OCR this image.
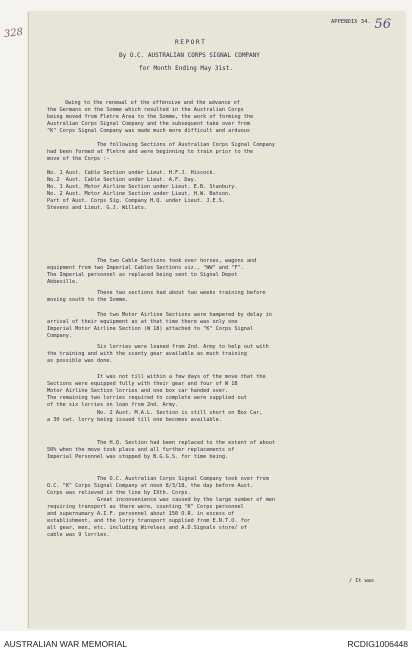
56
APPENDIX 34.
REPORT
By O.C. AUSTRALIAN CORPS SIGNAL COMPANY
for Month Ending May 31st.
Owing to the renewal of the offensive and the advance of
the Germans on the Somme which resulted in the Australian Corps
being moved from Fletre Area to the Somme, the work of forming the
Australian Corps Signal Company and the subsequent take over from
"K" Corps Signal Company was made much more difficult and arduous
The following Sections of Australian Corps Signal Company
had been formed at Fletre and were beginning to train prior to the
move of the Corps :-
No. 1 Aust. Cable Section under Lieut. H.F.J. Hiscock.
No.2  Aust. Cable Section under Lieut. A.F. Day.
No. 1 Aust. Motor Airline Section under Lieut. E.B. Stanbury.
No. 2 Aust. Motor Airline Section under Lieut. H.W. Batson.
Part of Aust. Corps Sig. Company H.Q. under Lieut. J.E.S.
Stevens and Lieut. G.J. Willats.
The two Cable Sections took over horses, wagons and
equipment from two Imperial Cables Sections viz., "WW" and "F".
The Imperial personnel as replaced being sent to Signal Depot
Abbeville.
These two sections had about two weeks training before
moving south to the Somme.
The two Motor Airline Sections were hampered by delay in
arrival of their equipment as at that time there was only one
Imperial Motor Airline Section (W 18) attached to "K" Corps Signal
Company.
Six lorries were loaned from 2nd. Army to help out with
the training and with the scanty gear available as much training
as possible was done.
It was not till within a few days of the move that the
Sections were equipped fully with their gear and four of W 18
Motor Airline Section lorries and one box car handed over.
The remaining two lorries required to complete were supplied out
of the six lorries on loan from 2nd. Army.
No. 2 Aust. M.A.L. Section is still short on Box Car,
a 30 cwt. lorry being issued till one becomes available.
The H.Q. Section had been replaced to the extent of about
50% when the move took place and all further replacements of
Imperial Personnel was stopped by B.G.G.S. for time being.
The O.C. Australian Corps Signal Company took over from
O.C. "K" Corps Signal Company at noon 8/3/18, the day before Aust.
Corps was relieved in the line by IXth. Corps.
Great inconvenience was caused by the large number of men
requiring transport as there were, counting "K" Corps personnel
and supernumary A.I.F. personnel about 150 O.R. in excess of
establishment, and the lorry transport supplied from E.N.T.O. for
all gear, men, etc. including Wireless and A.D.Signals store/ of
cable was 9 lorries.
/ It was
328
AUSTRALIAN WAR MEMORIAL	RCDIG1006448
